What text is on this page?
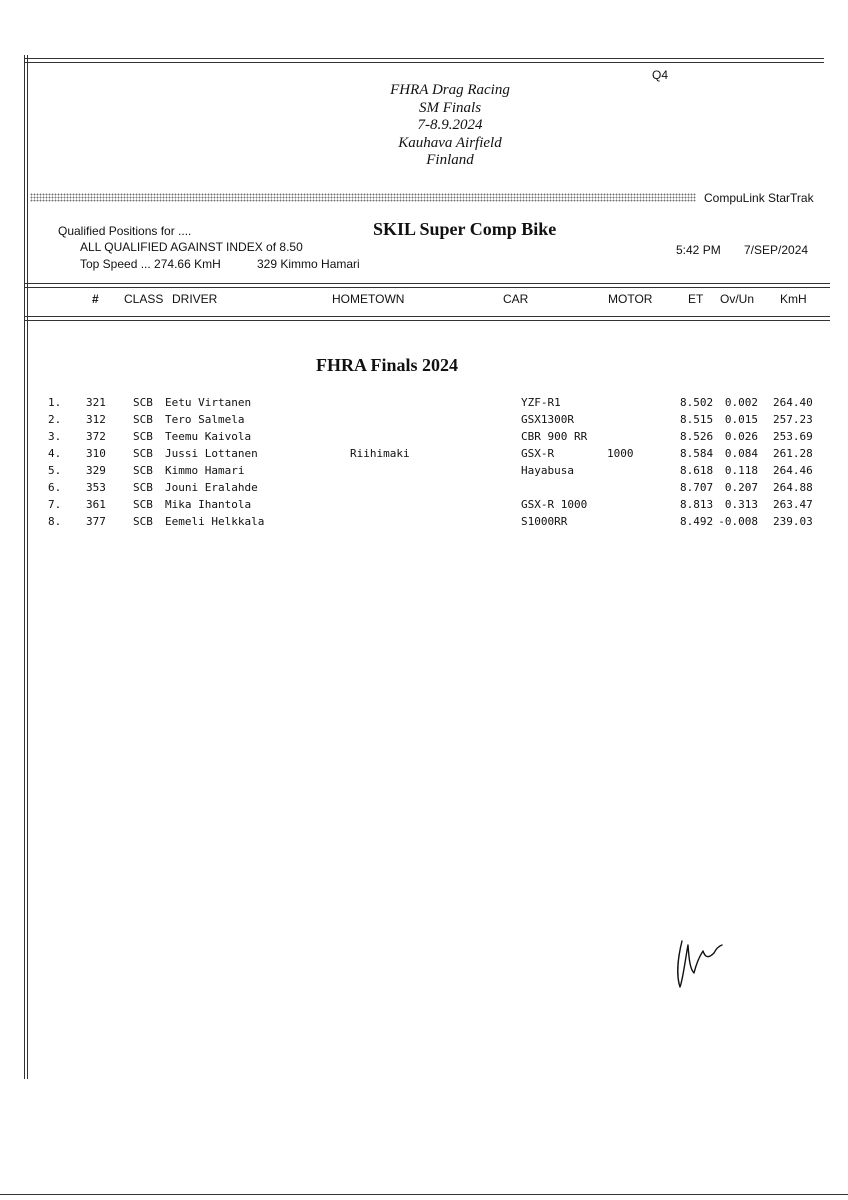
Q4
FHRA Drag Racing
SM Finals
7-8.9.2024
Kauhava Airfield
Finland
CompuLink StarTrak
Qualified Positions for ....	SKIL Super Comp Bike
ALL QUALIFIED AGAINST INDEX of 8.50	5:42 PM 7/SEP/2024
Top Speed ... 274.66 KmH	329 Kimmo Hamari
# CLASS DRIVER	HOMETOWN	CAR	MOTOR	ET Ov/Un KmH
FHRA Finals 2024
1. 321 SCB Eetu Virtanen	YZF-R1	8.502 0.002 264.40
2. 312 SCB Tero Salmela	GSX1300R	8.515 0.015 257.23
3. 372 SCB Teemu Kaivola	CBR 900 RR	8.526 0.026 253.69
4. 310 SCB Jussi Lottanen	Riihimaki	GSX-R	1000	8.584 0.084 261.28
5. 329 SCB Kimmo Hamari	Hayabusa	8.618 0.118 264.46
6. 353 SCB Jouni Eralahde	8.707 0.207 264.88
7. 361 SCB Mika Ihantola	GSX-R 1000	8.813 0.313 263.47
8. 377 SCB Eemeli Helkkala	S1000RR	8.492 -0.008 239.03
